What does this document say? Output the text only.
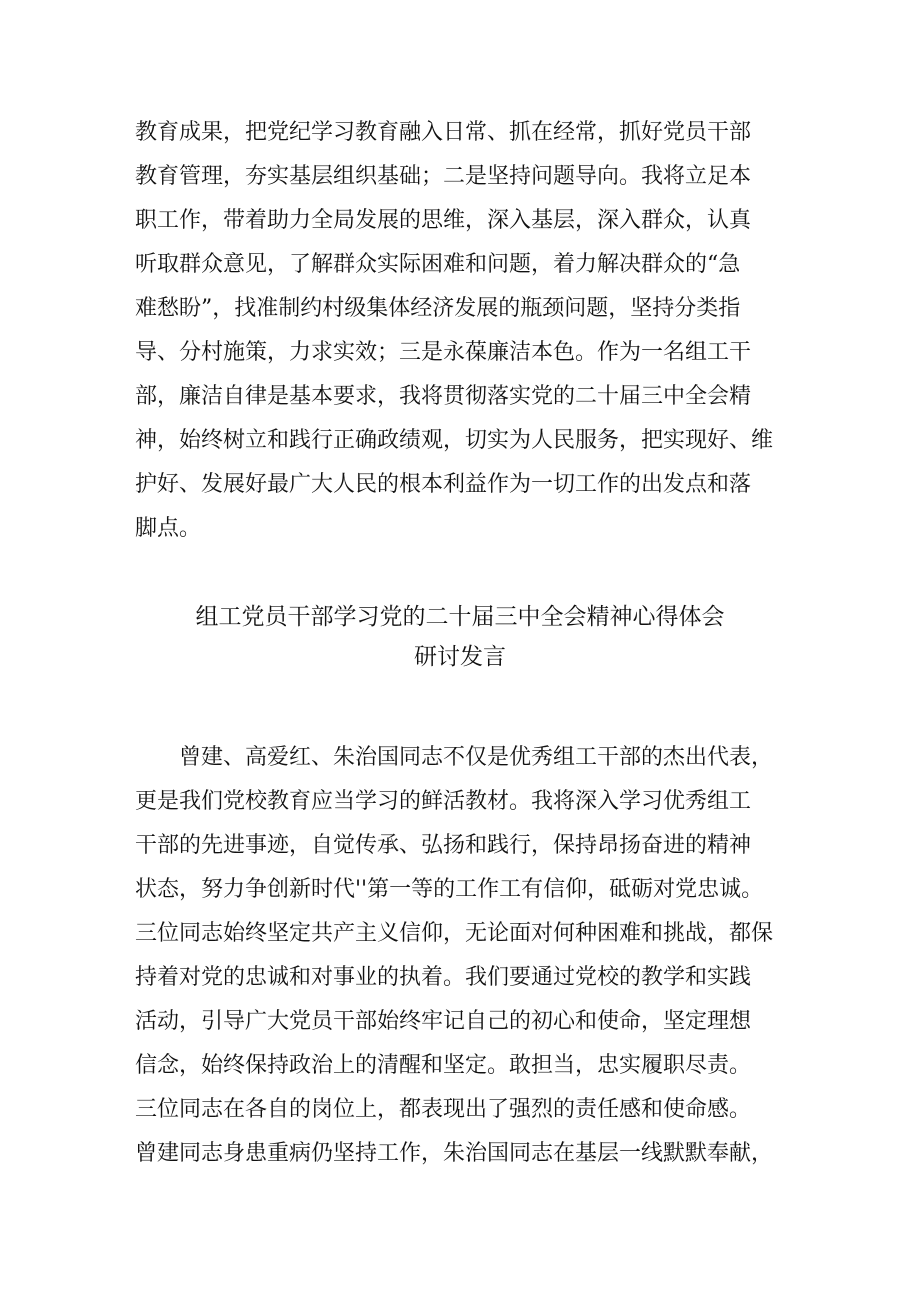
教育成果，把党纪学习教育融入日常、抓在经常，抓好党员干部
教育管理，夯实基层组织基础；二是坚持问题导向。我将立足本
职工作，带着助力全局发展的思维，深入基层，深入群众，认真
听取群众意见，了解群众实际困难和问题，着力解决群众的“急
难愁盼”，找准制约村级集体经济发展的瓶颈问题，坚持分类指
导、分村施策，力求实效；三是永葆廉洁本色。作为一名组工干
部，廉洁自律是基本要求，我将贯彻落实党的二十届三中全会精
神，始终树立和践行正确政绩观，切实为人民服务，把实现好、维
护好、发展好最广大人民的根本利益作为一切工作的出发点和落
脚点。
组工党员干部学习党的二十届三中全会精神心得体会
研讨发言
　　曾建、高爱红、朱治国同志不仅是优秀组工干部的杰出代表，
更是我们党校教育应当学习的鲜活教材。我将深入学习优秀组工
干部的先进事迹，自觉传承、弘扬和践行，保持昂扬奋进的精神
状态，努力争创新时代''第一等的工作工有信仰，砥砺对党忠诚。
三位同志始终坚定共产主义信仰，无论面对何种困难和挑战，都保
持着对党的忠诚和对事业的执着。我们要通过党校的教学和实践
活动，引导广大党员干部始终牢记自己的初心和使命，坚定理想
信念，始终保持政治上的清醒和坚定。敢担当，忠实履职尽责。
三位同志在各自的岗位上，都表现出了强烈的责任感和使命感。
曾建同志身患重病仍坚持工作，朱治国同志在基层一线默默奉献，
